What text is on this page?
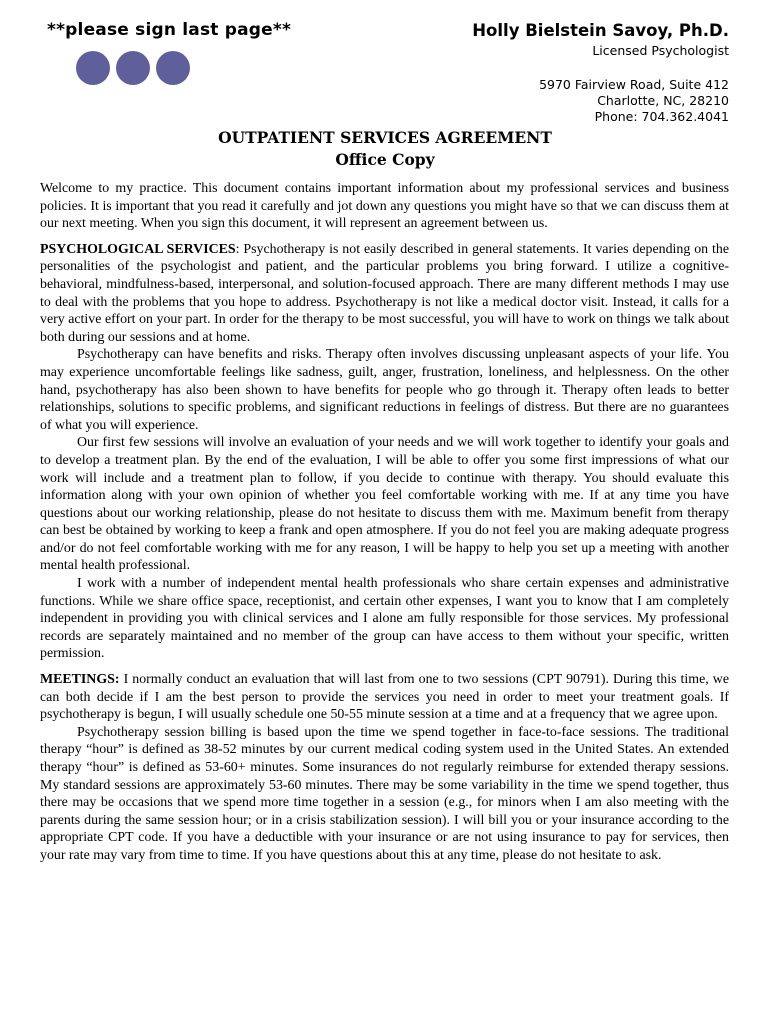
**please sign last page**	Holly Bielstein Savoy, Ph.D.
Licensed Psychologist
5970 Fairview Road, Suite 412
Charlotte, NC, 28210
Phone: 704.362.4041
OUTPATIENT SERVICES AGREEMENT
Office Copy

Welcome to my practice. This document contains important information about my professional services and business policies. It is important that you read it carefully and jot down any questions you might have so that we can discuss them at our next meeting. When you sign this document, it will represent an agreement between us.

PSYCHOLOGICAL SERVICES: Psychotherapy is not easily described in general statements. It varies depending on the personalities of the psychologist and patient, and the particular problems you bring forward. I utilize a cognitive-behavioral, mindfulness-based, interpersonal, and solution-focused approach. There are many different methods I may use to deal with the problems that you hope to address. Psychotherapy is not like a medical doctor visit. Instead, it calls for a very active effort on your part. In order for the therapy to be most successful, you will have to work on things we talk about both during our sessions and at home.

Psychotherapy can have benefits and risks. Therapy often involves discussing unpleasant aspects of your life. You may experience uncomfortable feelings like sadness, guilt, anger, frustration, loneliness, and helplessness. On the other hand, psychotherapy has also been shown to have benefits for people who go through it. Therapy often leads to better relationships, solutions to specific problems, and significant reductions in feelings of distress. But there are no guarantees of what you will experience.

Our first few sessions will involve an evaluation of your needs and we will work together to identify your goals and to develop a treatment plan. By the end of the evaluation, I will be able to offer you some first impressions of what our work will include and a treatment plan to follow, if you decide to continue with therapy. You should evaluate this information along with your own opinion of whether you feel comfortable working with me. If at any time you have questions about our working relationship, please do not hesitate to discuss them with me. Maximum benefit from therapy can best be obtained by working to keep a frank and open atmosphere. If you do not feel you are making adequate progress and/or do not feel comfortable working with me for any reason, I will be happy to help you set up a meeting with another mental health professional.

I work with a number of independent mental health professionals who share certain expenses and administrative functions. While we share office space, receptionist, and certain other expenses, I want you to know that I am completely independent in providing you with clinical services and I alone am fully responsible for those services. My professional records are separately maintained and no member of the group can have access to them without your specific, written permission.

MEETINGS: I normally conduct an evaluation that will last from one to two sessions (CPT 90791). During this time, we can both decide if I am the best person to provide the services you need in order to meet your treatment goals. If psychotherapy is begun, I will usually schedule one 50-55 minute session at a time and at a frequency that we agree upon.

Psychotherapy session billing is based upon the time we spend together in face-to-face sessions. The traditional therapy “hour” is defined as 38-52 minutes by our current medical coding system used in the United States. An extended therapy “hour” is defined as 53-60+ minutes. Some insurances do not regularly reimburse for extended therapy sessions. My standard sessions are approximately 53-60 minutes. There may be some variability in the time we spend together, thus there may be occasions that we spend more time together in a session (e.g., for minors when I am also meeting with the parents during the same session hour; or in a crisis stabilization session). I will bill you or your insurance according to the appropriate CPT code. If you have a deductible with your insurance or are not using insurance to pay for services, then your rate may vary from time to time. If you have questions about this at any time, please do not hesitate to ask.
